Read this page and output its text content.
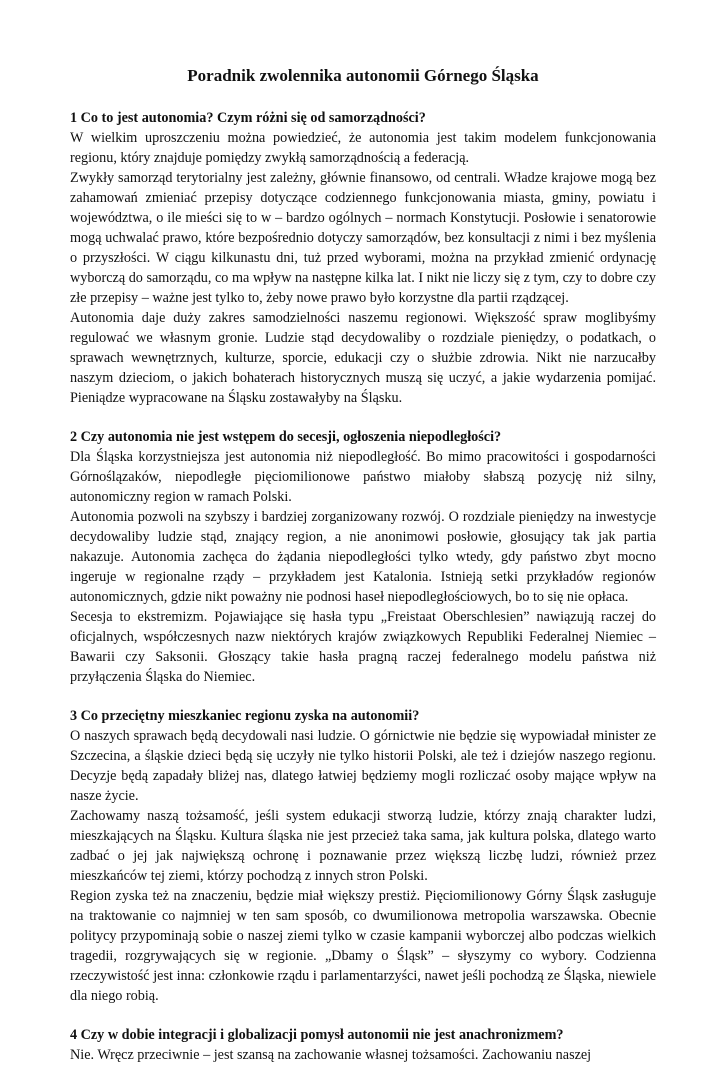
Poradnik zwolennika autonomii Górnego Śląska
1 Co to jest autonomia? Czym różni się od samorządności?

W wielkim uproszczeniu można powiedzieć, że autonomia jest takim modelem funkcjonowania regionu, który znajduje pomiędzy zwykłą samorządnością a federacją.

Zwykły samorząd terytorialny jest zależny, głównie finansowo, od centrali. Władze krajowe mogą bez zahamowań zmieniać przepisy dotyczące codziennego funkcjonowania miasta, gminy, powiatu i województwa, o ile mieści się to w – bardzo ogólnych – normach Konstytucji. Posłowie i senatorowie mogą uchwalać prawo, które bezpośrednio dotyczy samorządów, bez konsultacji z nimi i bez myślenia o przyszłości. W ciągu kilkunastu dni, tuż przed wyborami, można na przykład zmienić ordynację wyborczą do samorządu, co ma wpływ na następne kilka lat. I nikt nie liczy się z tym, czy to dobre czy złe przepisy – ważne jest tylko to, żeby nowe prawo było korzystne dla partii rządzącej.

Autonomia daje duży zakres samodzielności naszemu regionowi. Większość spraw moglibyśmy regulować we własnym gronie. Ludzie stąd decydowaliby o rozdziale pieniędzy, o podatkach, o sprawach wewnętrznych, kulturze, sporcie, edukacji czy o służbie zdrowia. Nikt nie narzucałby naszym dzieciom, o jakich bohaterach historycznych muszą się uczyć, a jakie wydarzenia pomijać. Pieniądze wypracowane na Śląsku zostawałyby na Śląsku.

2 Czy autonomia nie jest wstępem do secesji, ogłoszenia niepodległości?

Dla Śląska korzystniejsza jest autonomia niż niepodległość. Bo mimo pracowitości i gospodarności Górnoślązaków, niepodległe pięciomilionowe państwo miałoby słabszą pozycję niż silny, autonomiczny region w ramach Polski.

Autonomia pozwoli na szybszy i bardziej zorganizowany rozwój. O rozdziale pieniędzy na inwestycje decydowaliby ludzie stąd, znający region, a nie anonimowi posłowie, głosujący tak jak partia nakazuje. Autonomia zachęca do żądania niepodległości tylko wtedy, gdy państwo zbyt mocno ingeruje w regionalne rządy – przykładem jest Katalonia. Istnieją setki przykładów regionów autonomicznych, gdzie nikt poważny nie podnosi haseł niepodległościowych, bo to się nie opłaca.

Secesja to ekstremizm. Pojawiające się hasła typu „Freistaat Oberschlesien” nawiązują raczej do oficjalnych, współczesnych nazw niektórych krajów związkowych Republiki Federalnej Niemiec – Bawarii czy Saksonii. Głoszący takie hasła pragną raczej federalnego modelu państwa niż przyłączenia Śląska do Niemiec.

3 Co przeciętny mieszkaniec regionu zyska na autonomii?

O naszych sprawach będą decydowali nasi ludzie. O górnictwie nie będzie się wypowiadał minister ze Szczecina, a śląskie dzieci będą się uczyły nie tylko historii Polski, ale też i dziejów naszego regionu. Decyzje będą zapadały bliżej nas, dlatego łatwiej będziemy mogli rozliczać osoby mające wpływ na nasze życie.

Zachowamy naszą tożsamość, jeśli system edukacji stworzą ludzie, którzy znają charakter ludzi, mieszkających na Śląsku. Kultura śląska nie jest przecież taka sama, jak kultura polska, dlatego warto zadbać o jej jak największą ochronę i poznawanie przez większą liczbę ludzi, również przez mieszkańców tej ziemi, którzy pochodzą z innych stron Polski.

Region zyska też na znaczeniu, będzie miał większy prestiż. Pięciomilionowy Górny Śląsk zasługuje na traktowanie co najmniej w ten sam sposób, co dwumilionowa metropolia warszawska. Obecnie politycy przypominają sobie o naszej ziemi tylko w czasie kampanii wyborczej albo podczas wielkich tragedii, rozgrywających się w regionie. „Dbamy o Śląsk” – słyszymy co wybory. Codzienna rzeczywistość jest inna: członkowie rządu i parlamentarzyści, nawet jeśli pochodzą ze Śląska, niewiele dla niego robią.

4 Czy w dobie integracji i globalizacji pomysł autonomii nie jest anachronizmem?

Nie. Wręcz przeciwnie – jest szansą na zachowanie własnej tożsamości. Zachowaniu naszej
